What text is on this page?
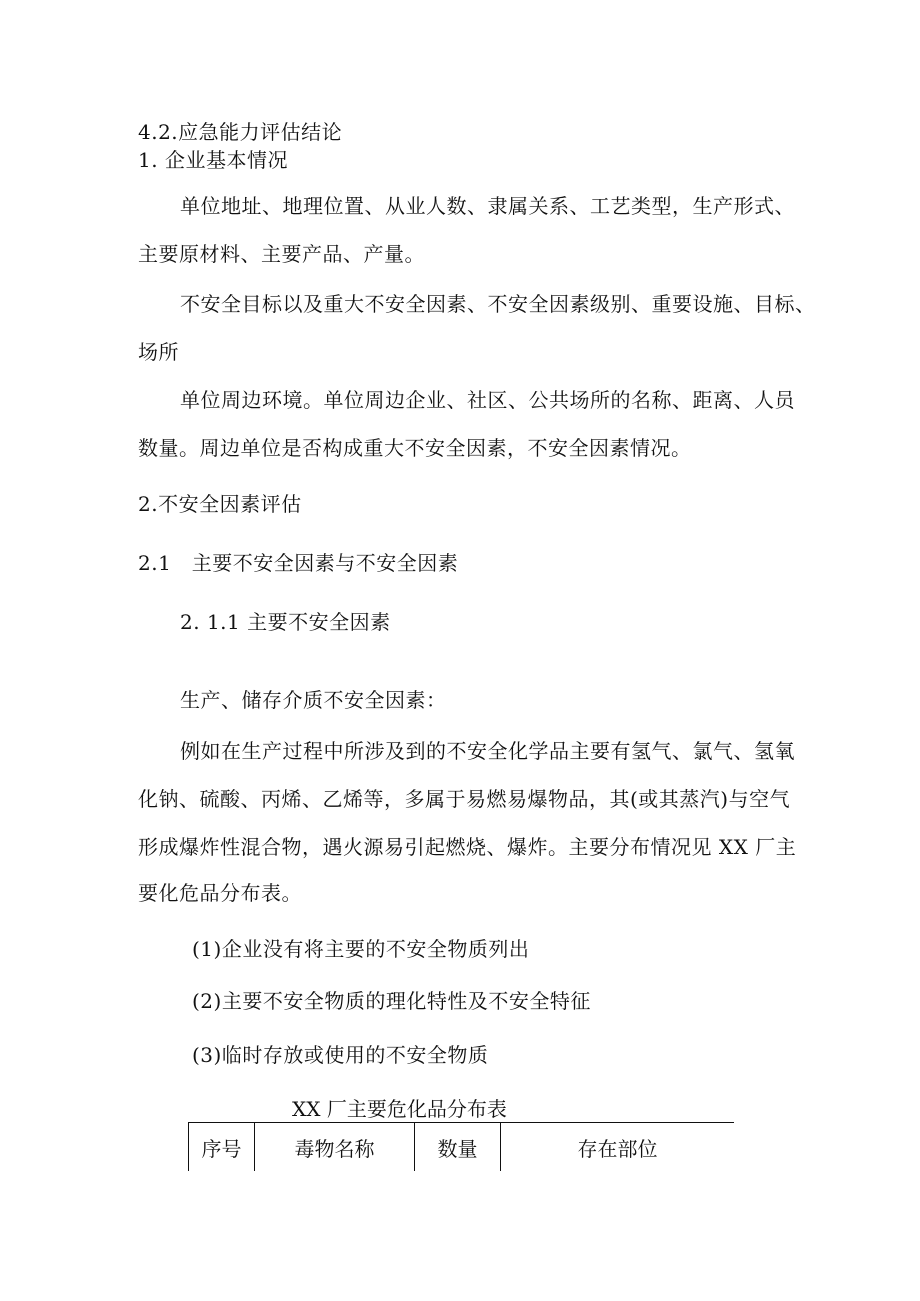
4.2.应急能力评估结论
1. 企业基本情况
单位地址、地理位置、从业人数、隶属关系、工艺类型，生产形式、
主要原材料、主要产品、产量。
不安全目标以及重大不安全因素、不安全因素级别、重要设施、目标、
场所
单位周边环境。单位周边企业、社区、公共场所的名称、距离、人员
数量。周边单位是否构成重大不安全因素，不安全因素情况。
2.不安全因素评估
2.1　主要不安全因素与不安全因素
2. 1.1 主要不安全因素
生产、储存介质不安全因素：
例如在生产过程中所涉及到的不安全化学品主要有氢气、氯气、氢氧
化钠、硫酸、丙烯、乙烯等，多属于易燃易爆物品，其(或其蒸汽)与空气
形成爆炸性混合物，遇火源易引起燃烧、爆炸。主要分布情况见 XX 厂主
要化危品分布表。
(1)企业没有将主要的不安全物质列出
(2)主要不安全物质的理化特性及不安全特征
(3)临时存放或使用的不安全物质
XX 厂主要危化品分布表
序号	毒物名称	数量	存在部位
